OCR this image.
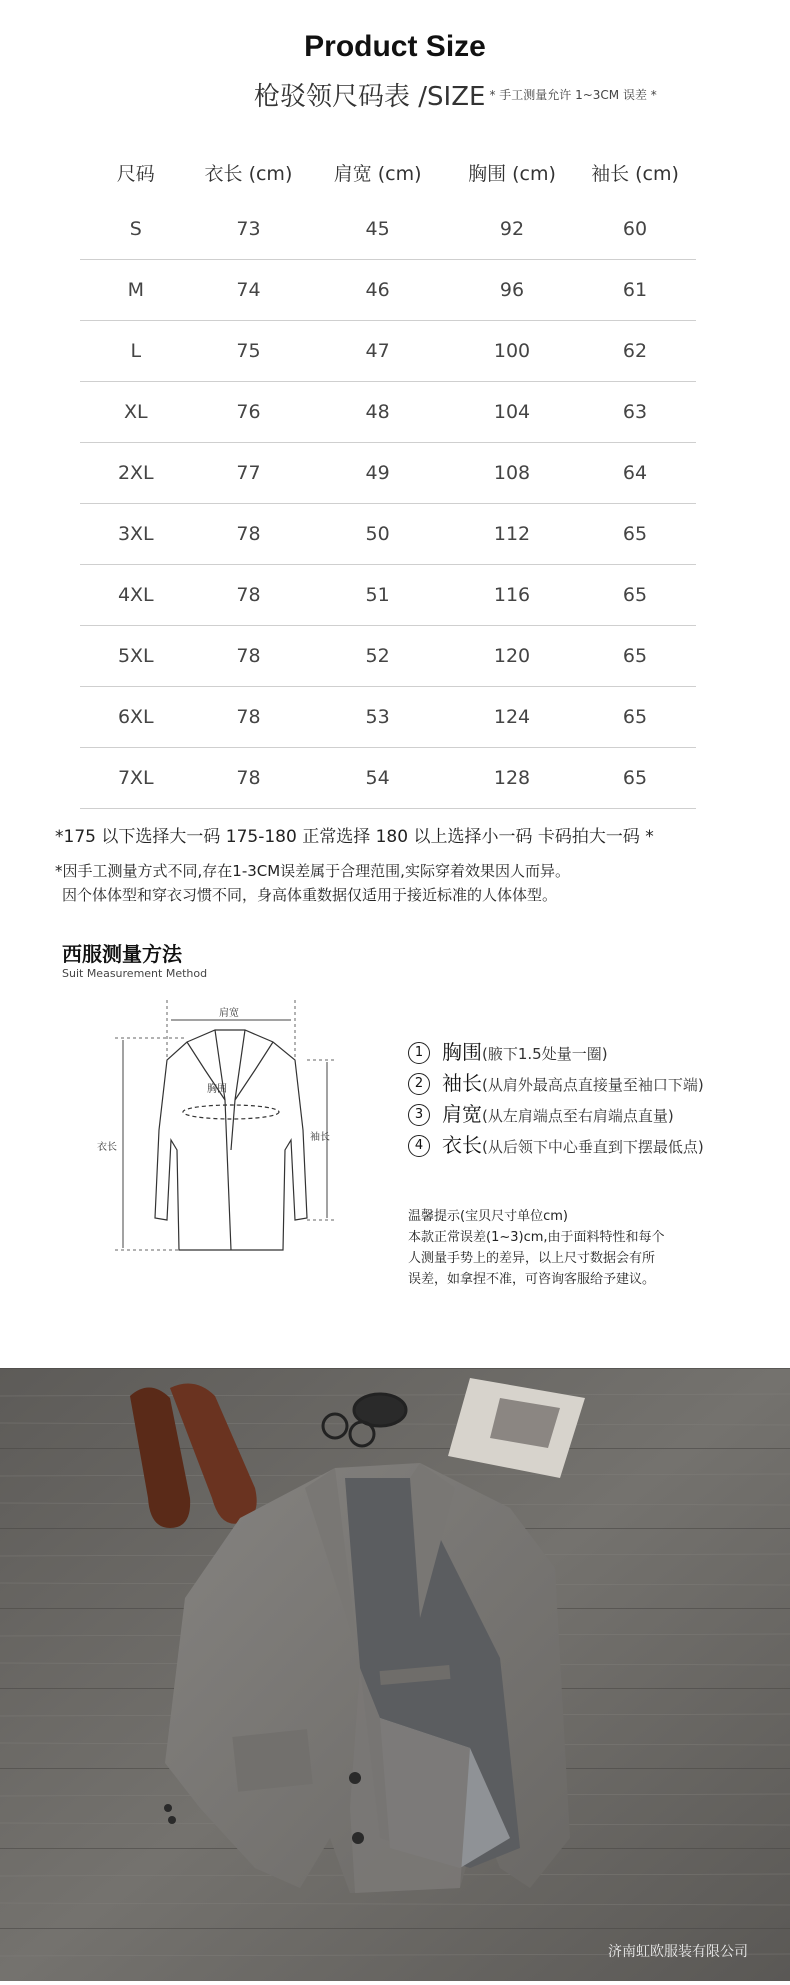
Product Size
枪驳领尺码表 /SIZE $^{* 手工测量允许 1\sim 3CM 误差 *}$
尺码	衣长 (cm)	肩宽 (cm)	胸围 (cm)	袖长 (cm)
S	73	45	92	60
M	74	46	96	61
L	75	47	100	62
XL	76	48	104	63
2XL	77	49	108	64
3XL	78	50	112	65
4XL	78	51	116	65
5XL	78	52	120	65
6XL	78	53	124	65
7XL	78	54	128	65
*175 以下选择大一码 175-180 正常选择 180 以上选择小一码 卡码拍大一码 *
*因手工测量方式不同,存在1-3CM误差属于合理范围,实际穿着效果因人而异。
因个体体型和穿衣习惯不同，身高体重数据仅适用于接近标准的人体体型。
西服测量方法
Suit Measurement Method
肩宽
胸围
袖长
衣长
1 胸围(腋下1.5处量一圈)
2 袖长(从肩外最高点直接量至袖口下端)
3 肩宽(从左肩端点至右肩端点直量)
4 衣长(从后领下中心垂直到下摆最低点)
温馨提示(宝贝尺寸单位cm)
本款正常误差(1~3)cm,由于面料特性和每个
人测量手势上的差异，以上尺寸数据会有所
误差，如拿捏不准，可咨询客服给予建议。
济南虹欧服装有限公司
